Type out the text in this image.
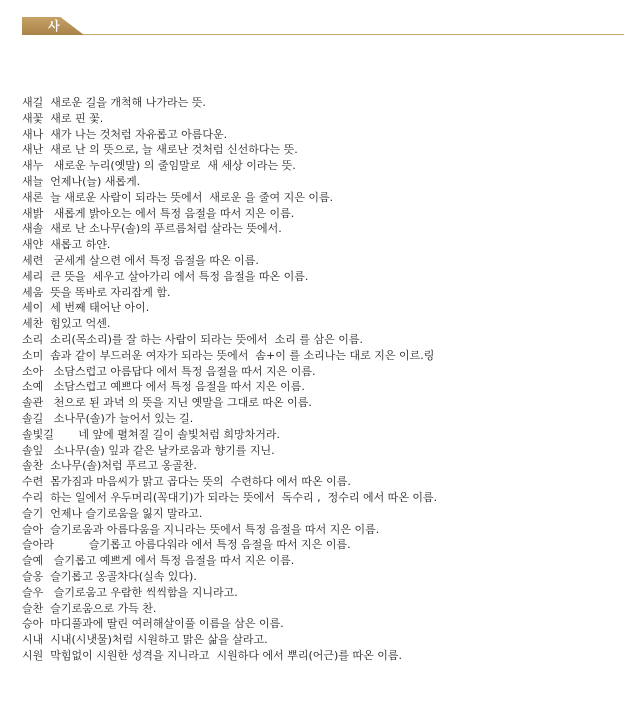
사
새길  새로운 길을 개척해 나가라는 뜻.
새꽃  새로 핀 꽃.
새나  새가 나는 것처럼 자유롭고 아름다운.
새난  새로 난 의 뜻으로, 늘 새로난 것처럼 신선하다는 뜻.
새누   새로운 누리(옛말) 의 줄임말로  새 세상 이라는 뜻.
새늘  언제나(늘) 새롭게.
새론  늘 새로운 사람이 되라는 뜻에서  새로운 을 줄여 지은 이름.
새밝   새롭게 밝아오는 에서 특정 음절을 따서 지은 이름.
새솔  새로 난 소나무(솔)의 푸르름처럼 살라는 뜻에서.
새얀  새롭고 하얀.
세련   굳세게 살으련 에서 특정 음절을 따온 이름.
세리  큰 뜻을  세우고 살아가리 에서 특정 음절을 따온 이름.
세움  뜻을 똑바로 자리잡게 함.
세이  세 번째 태어난 아이.
세찬  힘있고 억센.
소리  소리(목소리)를 잘 하는 사람이 되라는 뜻에서  소리 를 삼은 이름.
소미  솜과 같이 부드러운 여자가 되라는 뜻에서  솜+이 를 소리나는 대로 지은 이르.링
소아   소담스럽고 아름답다 에서 특정 음절을 따서 지은 이름.
소예   소담스럽고 예쁘다 에서 특정 음절을 따서 지은 이름.
솔관   천으로 된 과녁 의 뜻을 지닌 옛말을 그대로 따온 이름.
솔길   소나무(솔)가 늘어서 있는 길.
솔빛길       네 앞에 펼쳐질 길이 솔빛처럼 희망차거라.
솔잎   소나무(솔) 잎과 같은 날카로움과 향기를 지닌.
솔찬  소나무(솔)처럼 푸르고 옹골찬.
수련  몸가짐과 마음씨가 맑고 곱다는 뜻의  수련하다 에서 따온 이름.
수리  하는 일에서 우두머리(꼭대기)가 되라는 뜻에서  독수리 ,  정수리 에서 따온 이름.
슬기  언제나 슬기로움을 잃지 말라고.
슬아  슬기로움과 아름다움을 지니라는 뜻에서 특정 음절을 따서 지은 이름.
슬아라          슬기롭고 아름다워라 에서 특정 음절을 따서 지은 이름.
슬예   슬기롭고 예쁘게 에서 특정 음절을 따서 지은 이름.
슬옹  슬기롭고 옹골차다(실속 있다).
슬우   슬기로움고 우람한 씩씩함을 지니라고.
슬찬  슬기로움으로 가득 찬.
승아  마디풀과에 딸린 여러해살이풀 이름을 삼은 이름.
시내  시내(시냇물)처럼 시원하고 맑은 삶을 살라고.
시원  막힘없이 시원한 성격을 지니라고  시원하다 에서 뿌리(어근)를 따온 이름.
